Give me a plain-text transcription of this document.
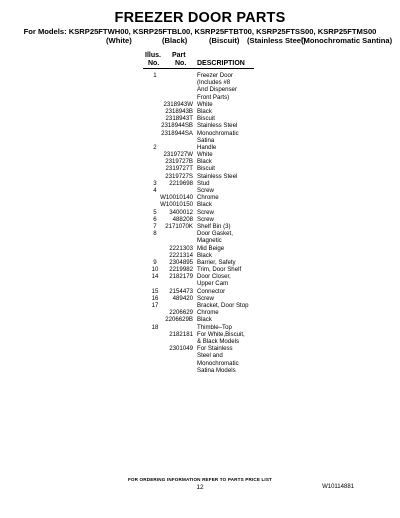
FREEZER DOOR PARTS
For Models: KSRP25FTWH00, KSRP25FTBL00, KSRP25FTBT00, KSRP25FTSS00, KSRP25FTMS00
(White)	(Black)	(Biscuit) (Stainless Steel)
(Monochromatic Santina)
Illus.
No.
Part
No. DESCRIPTION
1	Freezer Door
(Includes #8
And Dispenser
Front Parts)
2318943W White
2318943B Black
2318943T Biscuit
2318944SB Stainless Steel
2318944SA Monochromatic
Satina
2	Handle
2319727W White
2319727B Black
2319727T Biscuit
2319727S Stainless Steel
3	2219698 Stud
4	Screw
W10010140 Chrome
W10010150 Black
5	3400012 Screw
6	488208 Screw
7	2171070K Shelf Bin (3)
8	Door Gasket,
Magnetic
2221303 Mid Beige
2221314 Black
9	2304895 Barrier, Safety
10	2219982 Trim, Door Shelf
14	2182179 Door Closer,
Upper Cam
15	2154473 Connector
16	489420 Screw
17	Bracket, Door Stop
2206629 Chrome
2206629B Black
18	Thimble–Top
2182181 For White,Biscuit,
& Black Models
2301049 For Stainless
Steel and
Monochromatic
Satina Models
FOR ORDERING INFORMATION REFER TO PARTS PRICE LIST
12	W10114881
